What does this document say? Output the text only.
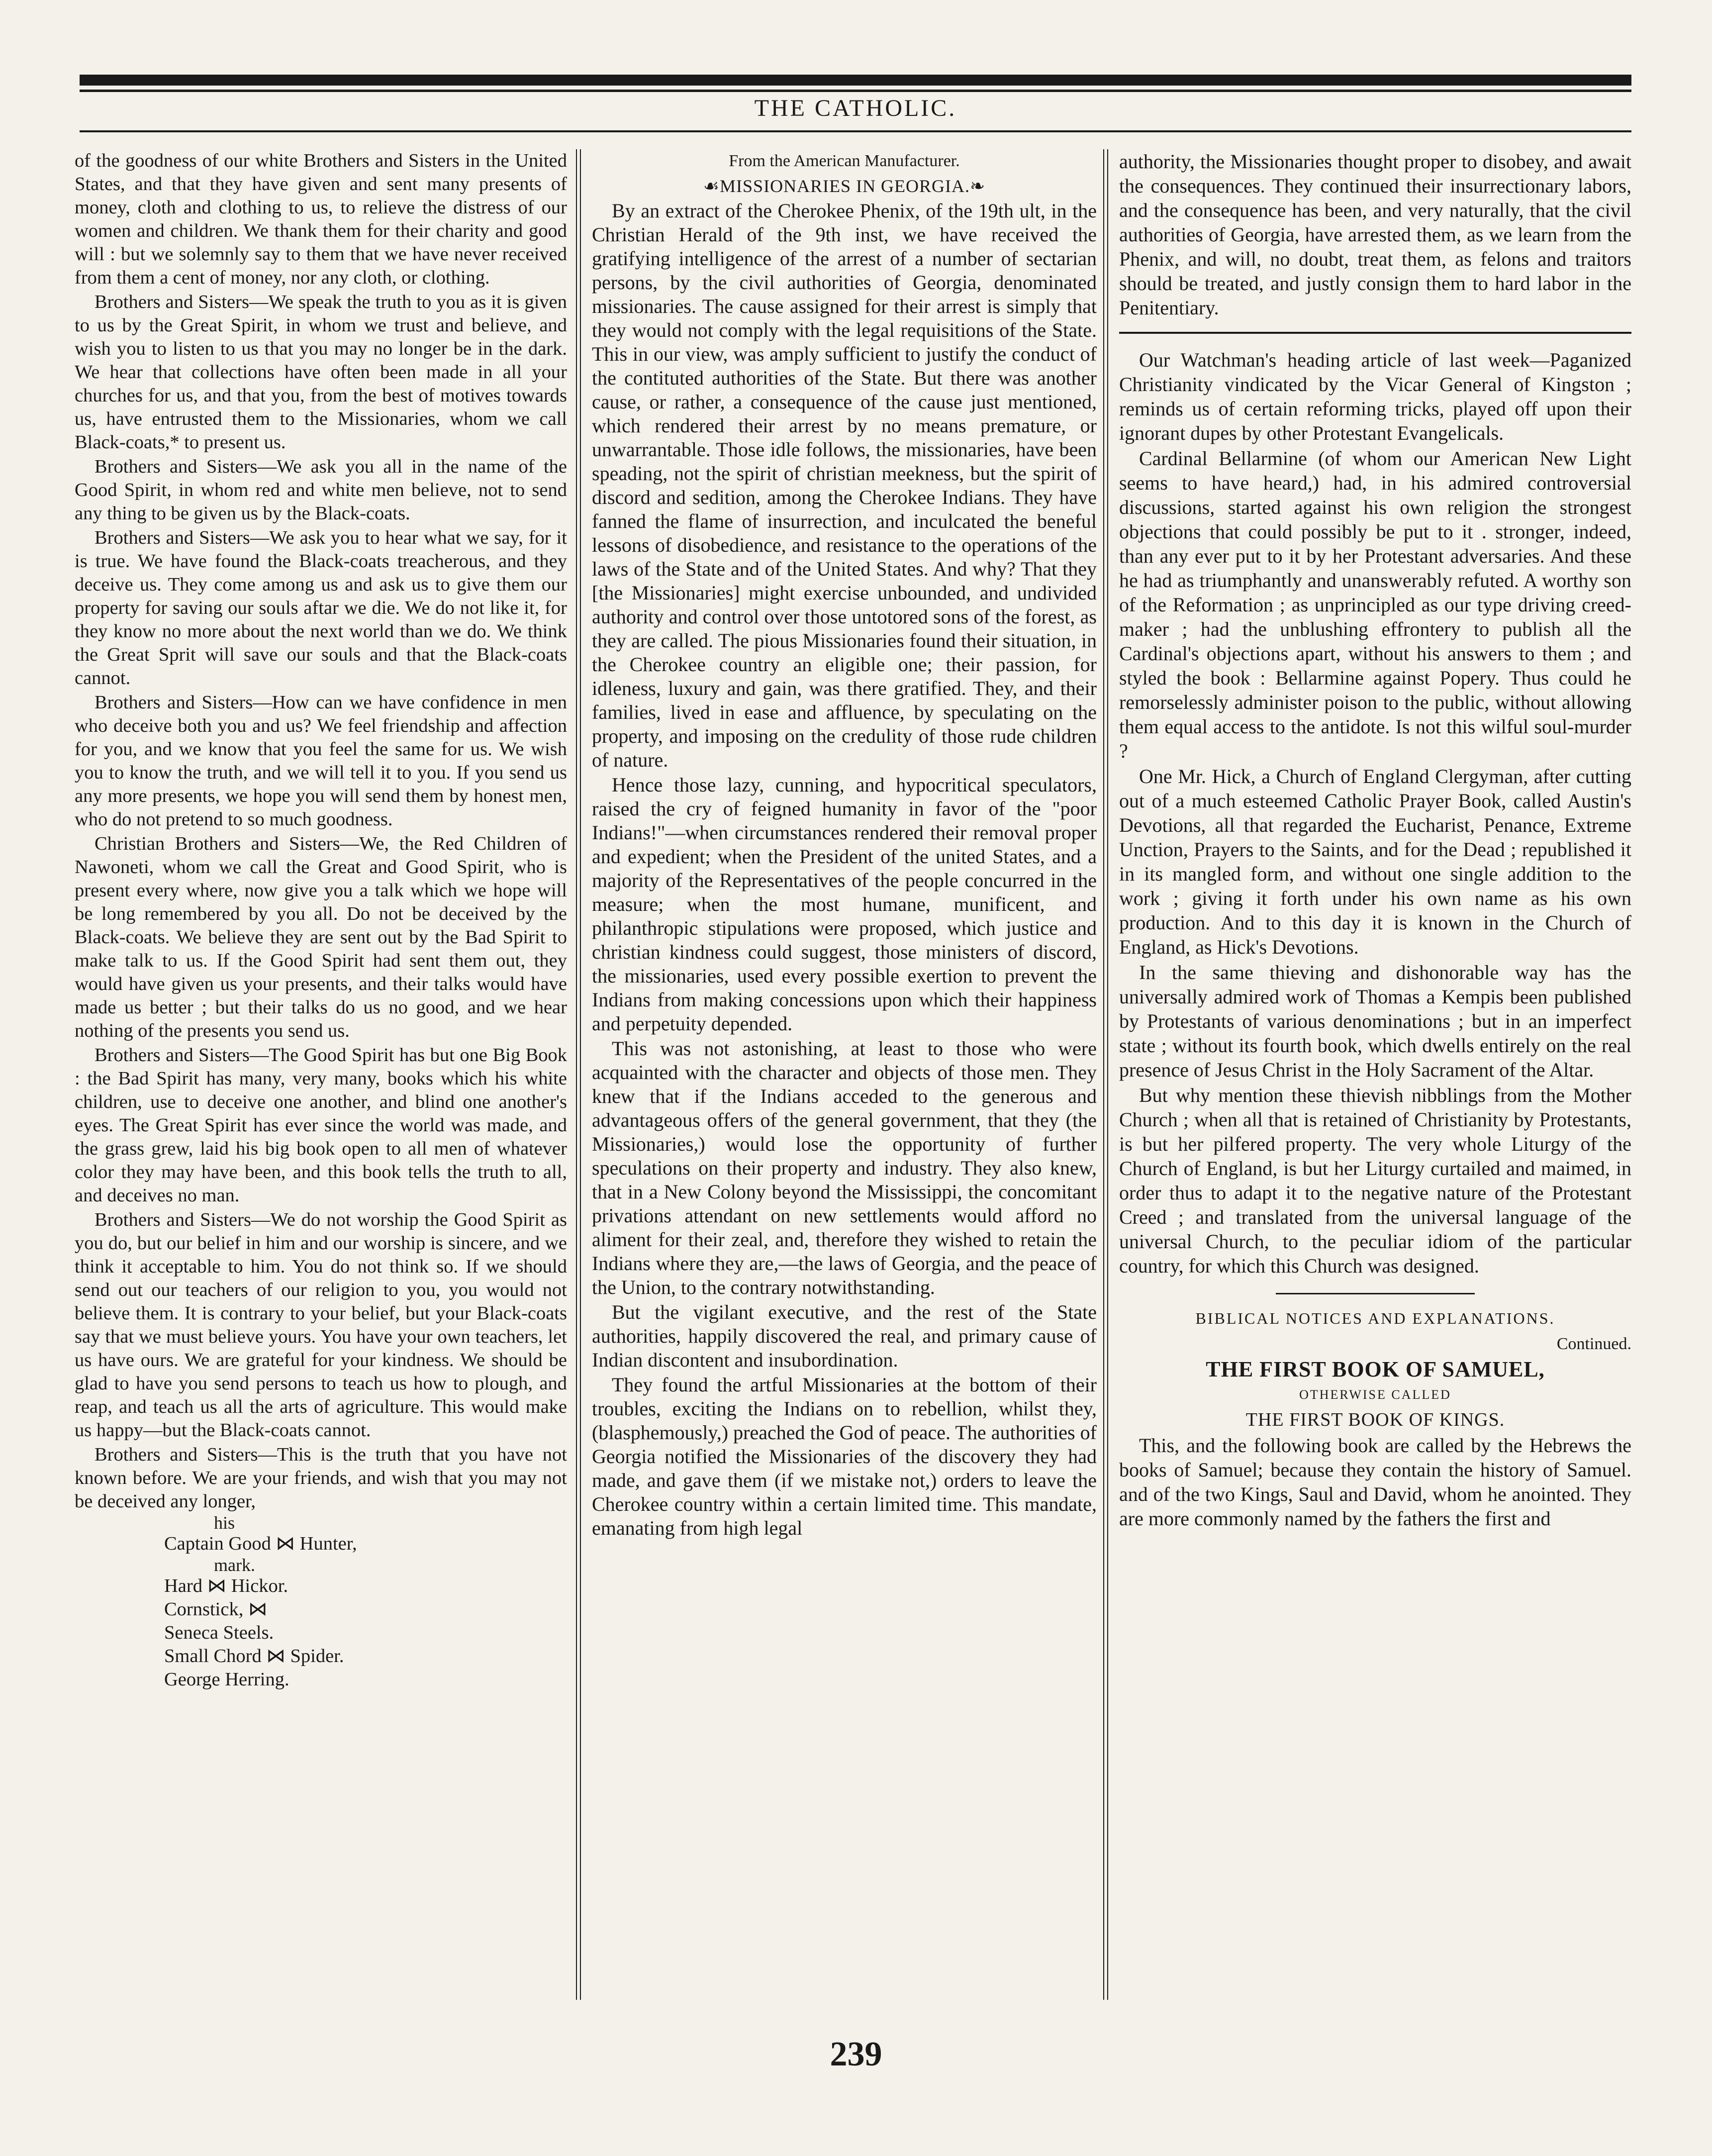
THE CATHOLIC.

of the goodness of our white Brothers and Sisters in the United States, and that they have given and sent many presents of money, cloth and clothing to us, to relieve the distress of our women and children. We thank them for their charity and good will : but we solemnly say to them that we have never received from them a cent of money, nor any cloth, or clothing.

Brothers and Sisters—We speak the truth to you as it is given to us by the Great Spirit, in whom we trust and believe, and wish you to listen to us that you may no longer be in the dark. We hear that collections have often been made in all your churches for us, and that you, from the best of motives towards us, have entrusted them to the Missionaries, whom we call Black-coats,* to present us.

Brothers and Sisters—We ask you all in the name of the Good Spirit, in whom red and white men believe, not to send any thing to be given us by the Black-coats.

Brothers and Sisters—We ask you to hear what we say, for it is true. We have found the Black-coats treacherous, and they deceive us. They come among us and ask us to give them our property for saving our souls aftar we die. We do not like it, for they know no more about the next world than we do. We think the Great Sprit will save our souls and that the Black-coats cannot.

Brothers and Sisters—How can we have confidence in men who deceive both you and us? We feel friendship and affection for you, and we know that you feel the same for us. We wish you to know the truth, and we will tell it to you. If you send us any more presents, we hope you will send them by honest men, who do not pretend to so much goodness.

Christian Brothers and Sisters—We, the Red Children of Nawoneti, whom we call the Great and Good Spirit, who is present every where, now give you a talk which we hope will be long remembered by you all. Do not be deceived by the Black-coats. We believe they are sent out by the Bad Spirit to make talk to us. If the Good Spirit had sent them out, they would have given us your presents, and their talks would have made us better ; but their talks do us no good, and we hear nothing of the presents you send us.

Brothers and Sisters—The Good Spirit has but one Big Book : the Bad Spirit has many, very many, books which his white children, use to deceive one another, and blind one another's eyes. The Great Spirit has ever since the world was made, and the grass grew, laid his big book open to all men of whatever color they may have been, and this book tells the truth to all, and deceives no man.

Brothers and Sisters—We do not worship the Good Spirit as you do, but our belief in him and our worship is sincere, and we think it acceptable to him. You do not think so. If we should send out our teachers of our religion to you, you would not believe them. It is contrary to your belief, but your Black-coats say that we must believe yours. You have your own teachers, let us have ours. We are grateful for your kindness. We should be glad to have you send persons to teach us how to plough, and reap, and teach us all the arts of agriculture. This would make us happy—but the Black-coats cannot.

Brothers and Sisters—This is the truth that you have not known before. We are your friends, and wish that you may not be deceived any longer,

his
Captain Good ⋈ Hunter,
mark.
Hard ⋈ Hickor.
Cornstick, ⋈
Seneca Steels.
Small Chord ⋈ Spider.
George Herring.

From the American Manufacturer.

☙MISSIONARIES IN GEORGIA.❧

By an extract of the Cherokee Phenix, of the 19th ult, in the Christian Herald of the 9th inst, we have received the gratifying intelligence of the arrest of a number of sectarian persons, by the civil authorities of Georgia, denominated missionaries. The cause assigned for their arrest is simply that they would not comply with the legal requisitions of the State. This in our view, was amply sufficient to justify the conduct of the contituted authorities of the State. But there was another cause, or rather, a consequence of the cause just mentioned, which rendered their arrest by no means premature, or unwarrantable. Those idle follows, the missionaries, have been speading, not the spirit of christian meekness, but the spirit of discord and sedition, among the Cherokee Indians. They have fanned the flame of insurrection, and inculcated the beneful lessons of disobedience, and resistance to the operations of the laws of the State and of the United States. And why? That they [the Missionaries] might exercise unbounded, and undivided authority and control over those untotored sons of the forest, as they are called. The pious Missionaries found their situation, in the Cherokee country an eligible one; their passion, for idleness, luxury and gain, was there gratified. They, and their families, lived in ease and affluence, by speculating on the property, and imposing on the credulity of those rude children of nature.

Hence those lazy, cunning, and hypocritical speculators, raised the cry of feigned humanity in favor of the "poor Indians!"—when circumstances rendered their removal proper and expedient; when the President of the united States, and a majority of the Representatives of the people concurred in the measure; when the most humane, munificent, and philanthropic stipulations were proposed, which justice and christian kindness could suggest, those ministers of discord, the missionaries, used every possible exertion to prevent the Indians from making concessions upon which their happiness and perpetuity depended.

This was not astonishing, at least to those who were acquainted with the character and objects of those men. They knew that if the Indians acceded to the generous and advantageous offers of the general government, that they (the Missionaries,) would lose the opportunity of further speculations on their property and industry. They also knew, that in a New Colony beyond the Mississippi, the concomitant privations attendant on new settlements would afford no aliment for their zeal, and, therefore they wished to retain the Indians where they are,—the laws of Georgia, and the peace of the Union, to the contrary notwithstanding.

But the vigilant executive, and the rest of the State authorities, happily discovered the real, and primary cause of Indian discontent and insubordination.

They found the artful Missionaries at the bottom of their troubles, exciting the Indians on to rebellion, whilst they, (blasphemously,) preached the God of peace. The authorities of Georgia notified the Missionaries of the discovery they had made, and gave them (if we mistake not,) orders to leave the Cherokee country within a certain limited time. This mandate, emanating from high legal

authority, the Missionaries thought proper to disobey, and await the consequences. They continued their insurrectionary labors, and the consequence has been, and very naturally, that the civil authorities of Georgia, have arrested them, as we learn from the Phenix, and will, no doubt, treat them, as felons and traitors should be treated, and justly consign them to hard labor in the Penitentiary.

Our Watchman's heading article of last week—Paganized Christianity vindicated by the Vicar General of Kingston ; reminds us of certain reforming tricks, played off upon their ignorant dupes by other Protestant Evangelicals.

Cardinal Bellarmine (of whom our American New Light seems to have heard,) had, in his admired controversial discussions, started against his own religion the strongest objections that could possibly be put to it . stronger, indeed, than any ever put to it by her Protestant adversaries. And these he had as triumphantly and unanswerably refuted. A worthy son of the Reformation ; as unprincipled as our type driving creed-maker ; had the unblushing effrontery to publish all the Cardinal's objections apart, without his answers to them ; and styled the book : Bellarmine against Popery. Thus could he remorselessly administer poison to the public, without allowing them equal access to the antidote. Is not this wilful soul-murder ?

One Mr. Hick, a Church of England Clergyman, after cutting out of a much esteemed Catholic Prayer Book, called Austin's Devotions, all that regarded the Eucharist, Penance, Extreme Unction, Prayers to the Saints, and for the Dead ; republished it in its mangled form, and without one single addition to the work ; giving it forth under his own name as his own production. And to this day it is known in the Church of England, as Hick's Devotions.

In the same thieving and dishonorable way has the universally admired work of Thomas a Kempis been published by Protestants of various denominations ; but in an imperfect state ; without its fourth book, which dwells entirely on the real presence of Jesus Christ in the Holy Sacrament of the Altar.

But why mention these thievish nibblings from the Mother Church ; when all that is retained of Christianity by Protestants, is but her pilfered property. The very whole Liturgy of the Church of England, is but her Liturgy curtailed and maimed, in order thus to adapt it to the negative nature of the Protestant Creed ; and translated from the universal language of the universal Church, to the peculiar idiom of the particular country, for which this Church was designed.

BIBLICAL NOTICES AND EXPLANATIONS.

Continued.

THE FIRST BOOK OF SAMUEL,

OTHERWISE CALLED

THE FIRST BOOK OF KINGS.

This, and the following book are called by the Hebrews the books of Samuel; because they contain the history of Samuel. and of the two Kings, Saul and David, whom he anointed. They are more commonly named by the fathers the first and

239
